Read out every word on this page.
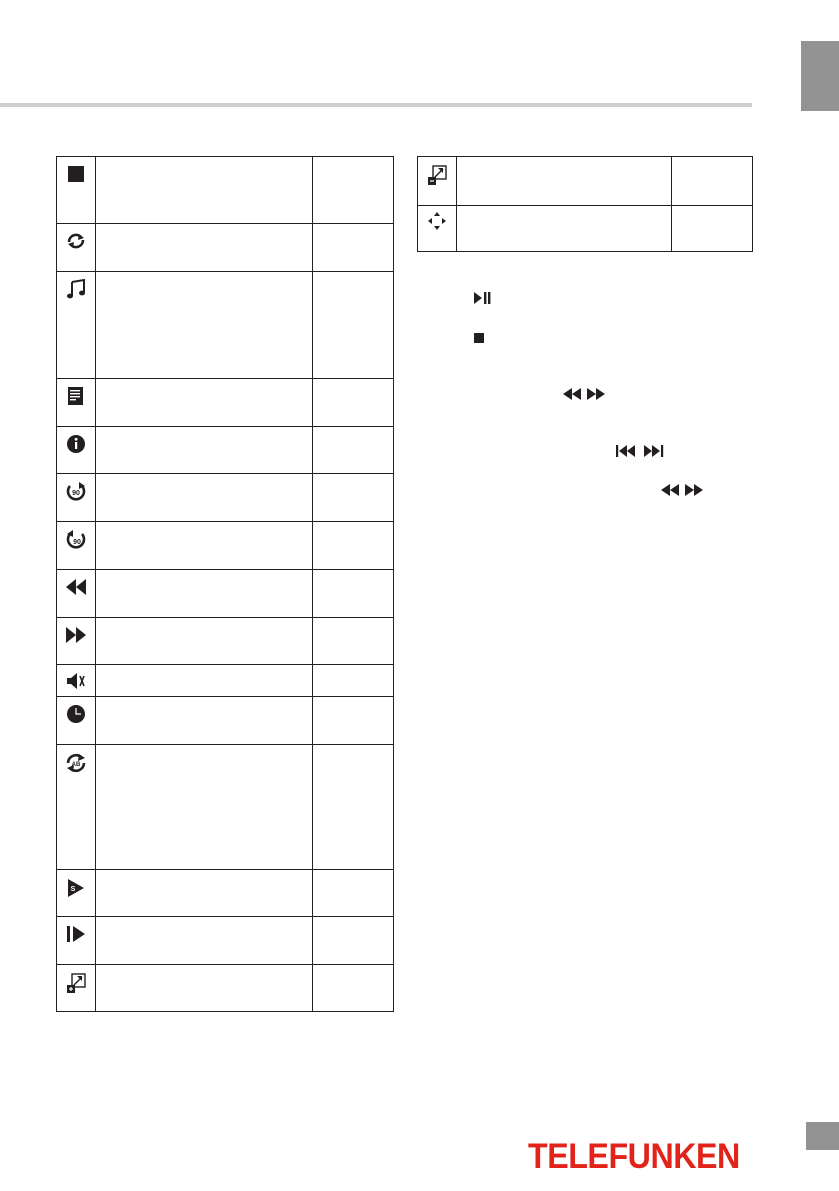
90
90
AB
S
TELEFUNKEN
